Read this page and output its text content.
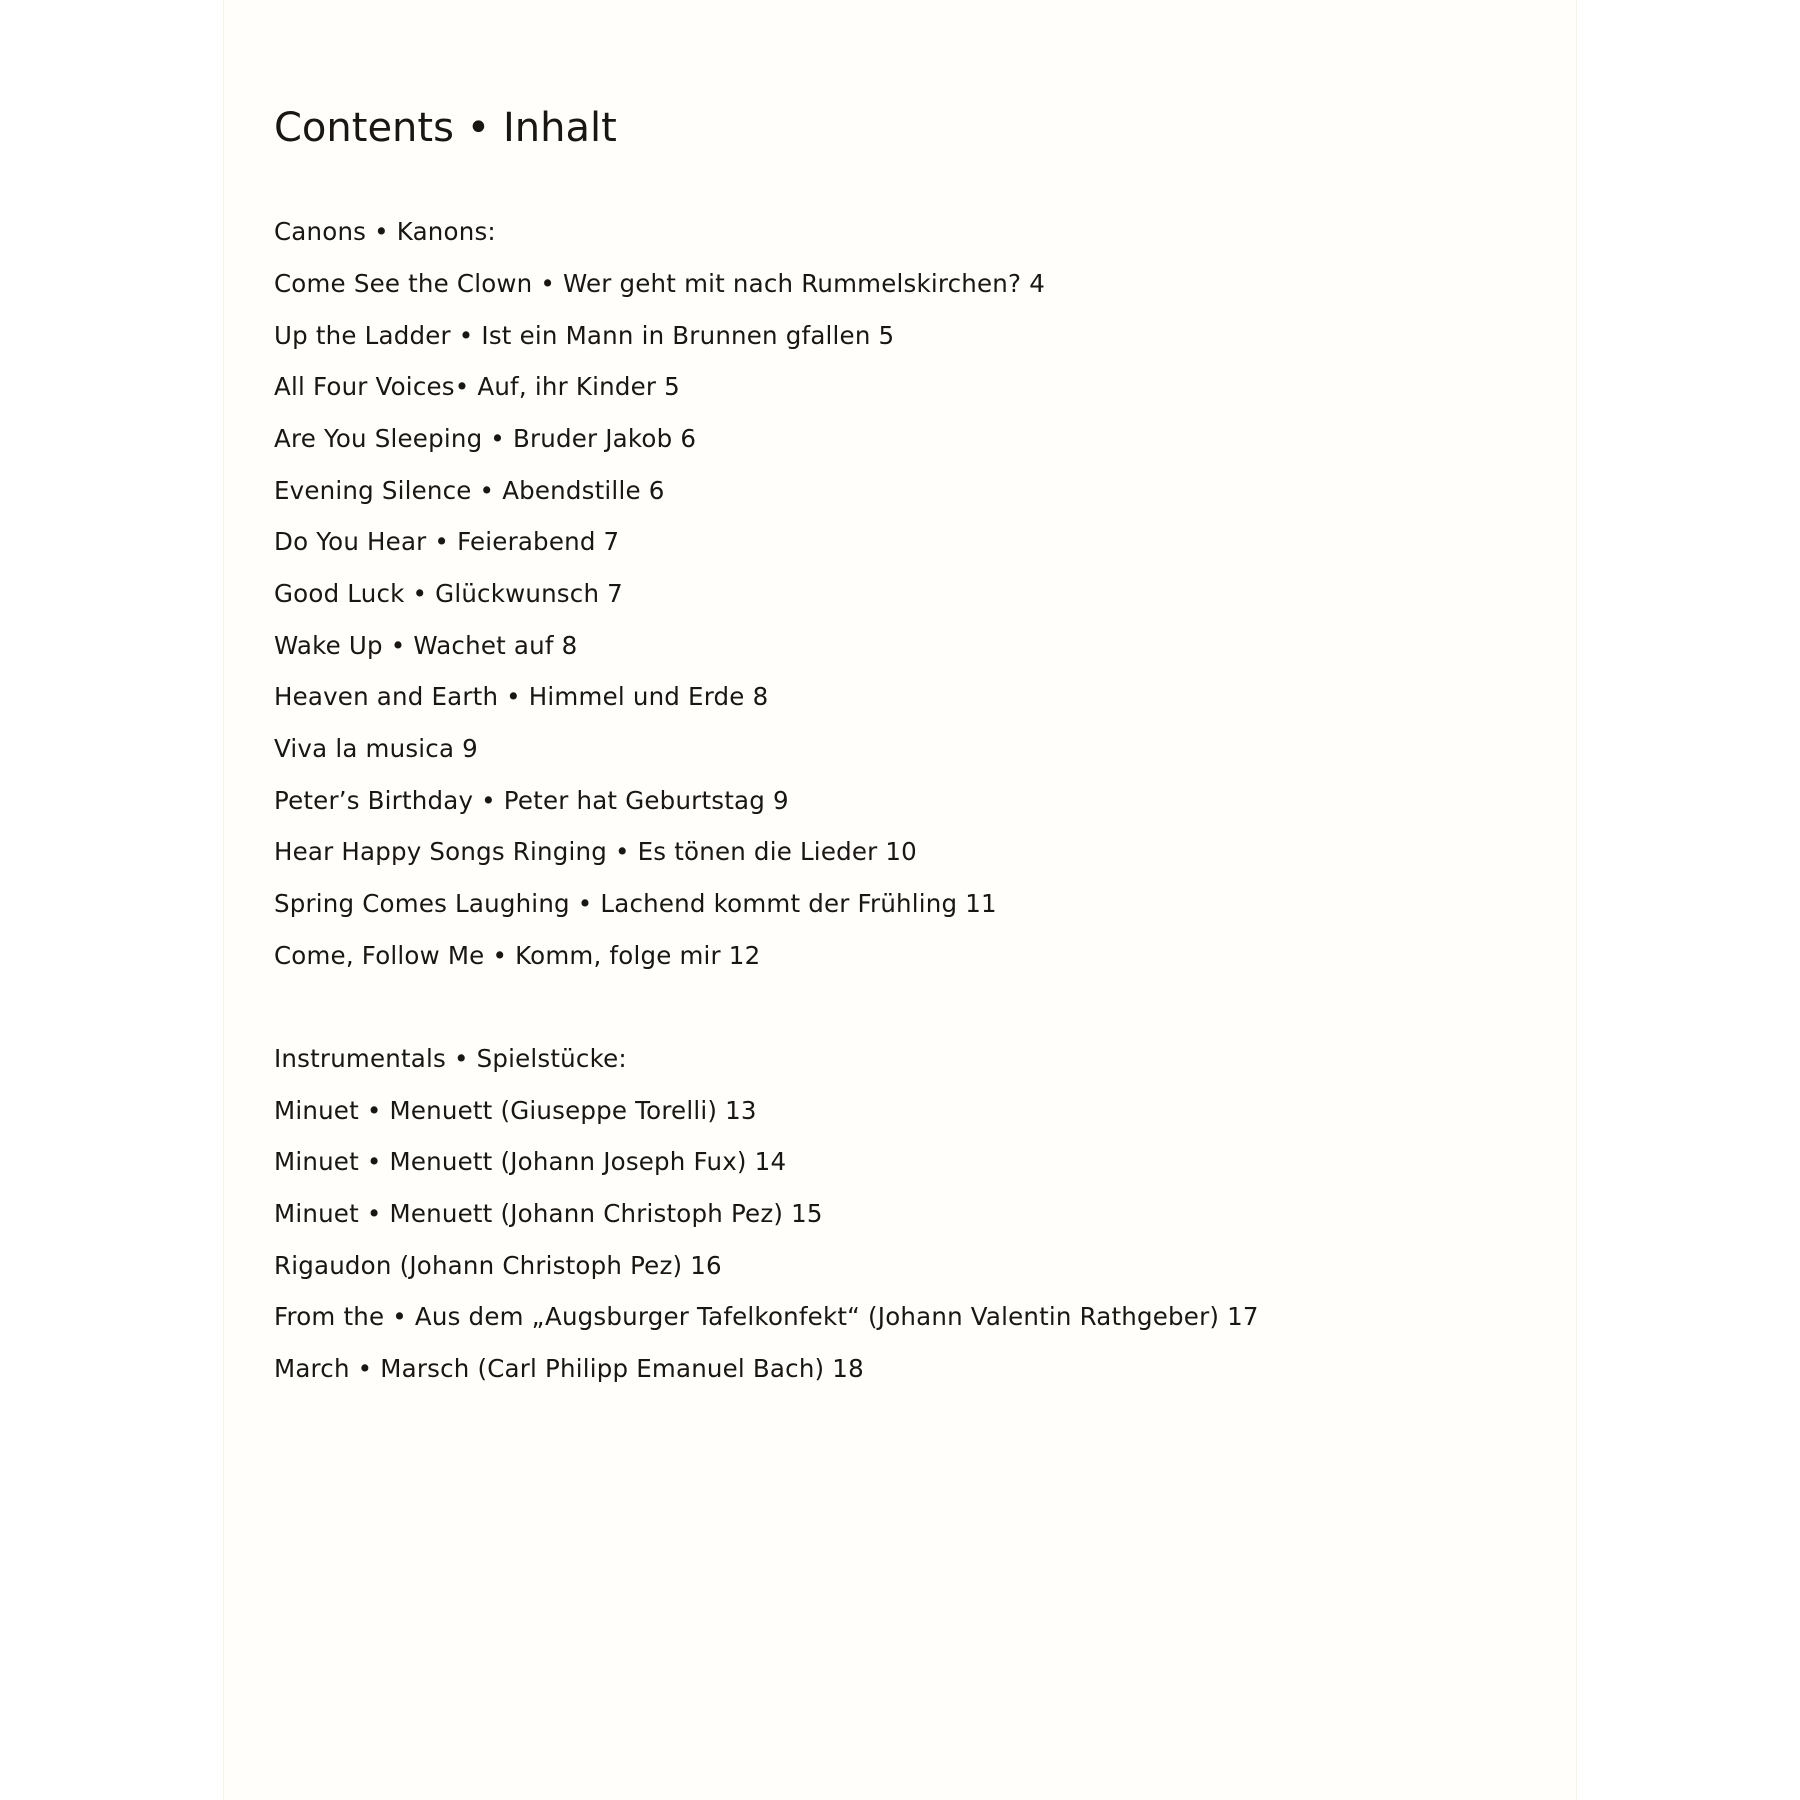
Contents • Inhalt

Canons • Kanons:

Come See the Clown • Wer geht mit nach Rummelskirchen? 4

Up the Ladder • Ist ein Mann in Brunnen gfallen 5

All Four Voices• Auf, ihr Kinder 5

Are You Sleeping • Bruder Jakob 6

Evening Silence • Abendstille 6

Do You Hear • Feierabend 7

Good Luck • Glückwunsch 7

Wake Up • Wachet auf 8

Heaven and Earth • Himmel und Erde 8

Viva la musica 9

Peter’s Birthday • Peter hat Geburtstag 9

Hear Happy Songs Ringing • Es tönen die Lieder 10

Spring Comes Laughing • Lachend kommt der Frühling 11

Come, Follow Me • Komm, folge mir 12

Instrumentals • Spielstücke:

Minuet • Menuett (Giuseppe Torelli) 13

Minuet • Menuett (Johann Joseph Fux) 14

Minuet • Menuett (Johann Christoph Pez) 15

Rigaudon (Johann Christoph Pez) 16

From the • Aus dem „Augsburger Tafelkonfekt“ (Johann Valentin Rathgeber) 17

March • Marsch (Carl Philipp Emanuel Bach) 18
